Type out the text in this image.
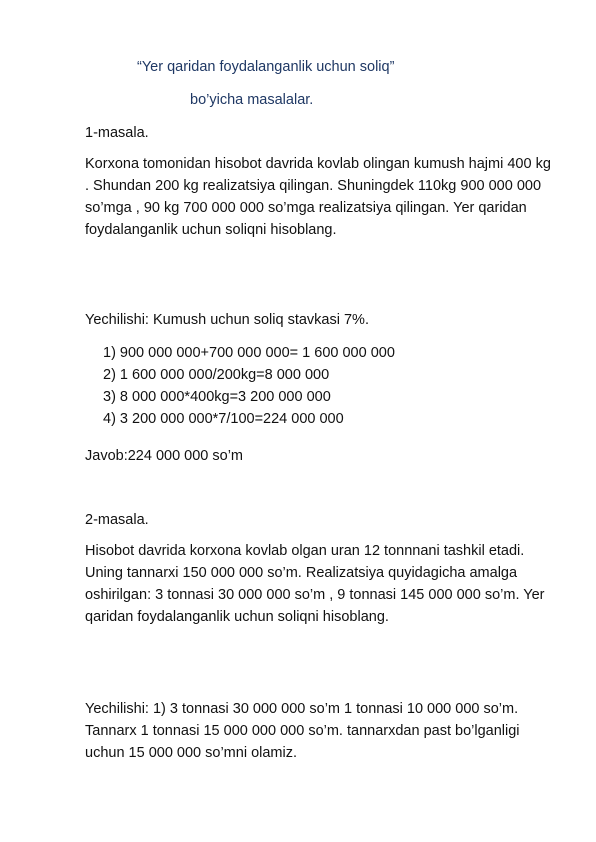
“Yer qaridan foydalanganlik uchun soliq”
bo’yicha masalalar.
1-masala.
Korxona tomonidan hisobot davrida kovlab olingan kumush hajmi 400 kg . Shundan 200 kg realizatsiya qilingan. Shuningdek 110kg 900 000 000 so’mga , 90 kg 700 000 000 so’mga realizatsiya qilingan. Yer qaridan foydalanganlik uchun soliqni hisoblang.
Yechilishi: Kumush uchun soliq stavkasi 7%.
1) 900 000 000+700 000 000= 1 600 000 000
2) 1 600 000 000/200kg=8 000 000
3) 8 000 000*400kg=3 200 000 000
4) 3 200 000 000*7/100=224 000 000
Javob:224 000 000 so’m
2-masala.
Hisobot davrida korxona kovlab olgan uran 12 tonnnani tashkil etadi. Uning tannarxi 150 000 000 so’m. Realizatsiya quyidagicha amalga oshirilgan: 3 tonnasi 30 000 000 so’m , 9 tonnasi 145 000 000 so’m. Yer qaridan foydalanganlik uchun soliqni hisoblang.
Yechilishi: 1) 3 tonnasi 30 000 000 so’m 1 tonnasi 10 000 000 so’m. Tannarx 1 tonnasi 15 000 000 000 so’m. tannarxdan past bo’lganligi uchun 15 000 000 so’mni olamiz.
